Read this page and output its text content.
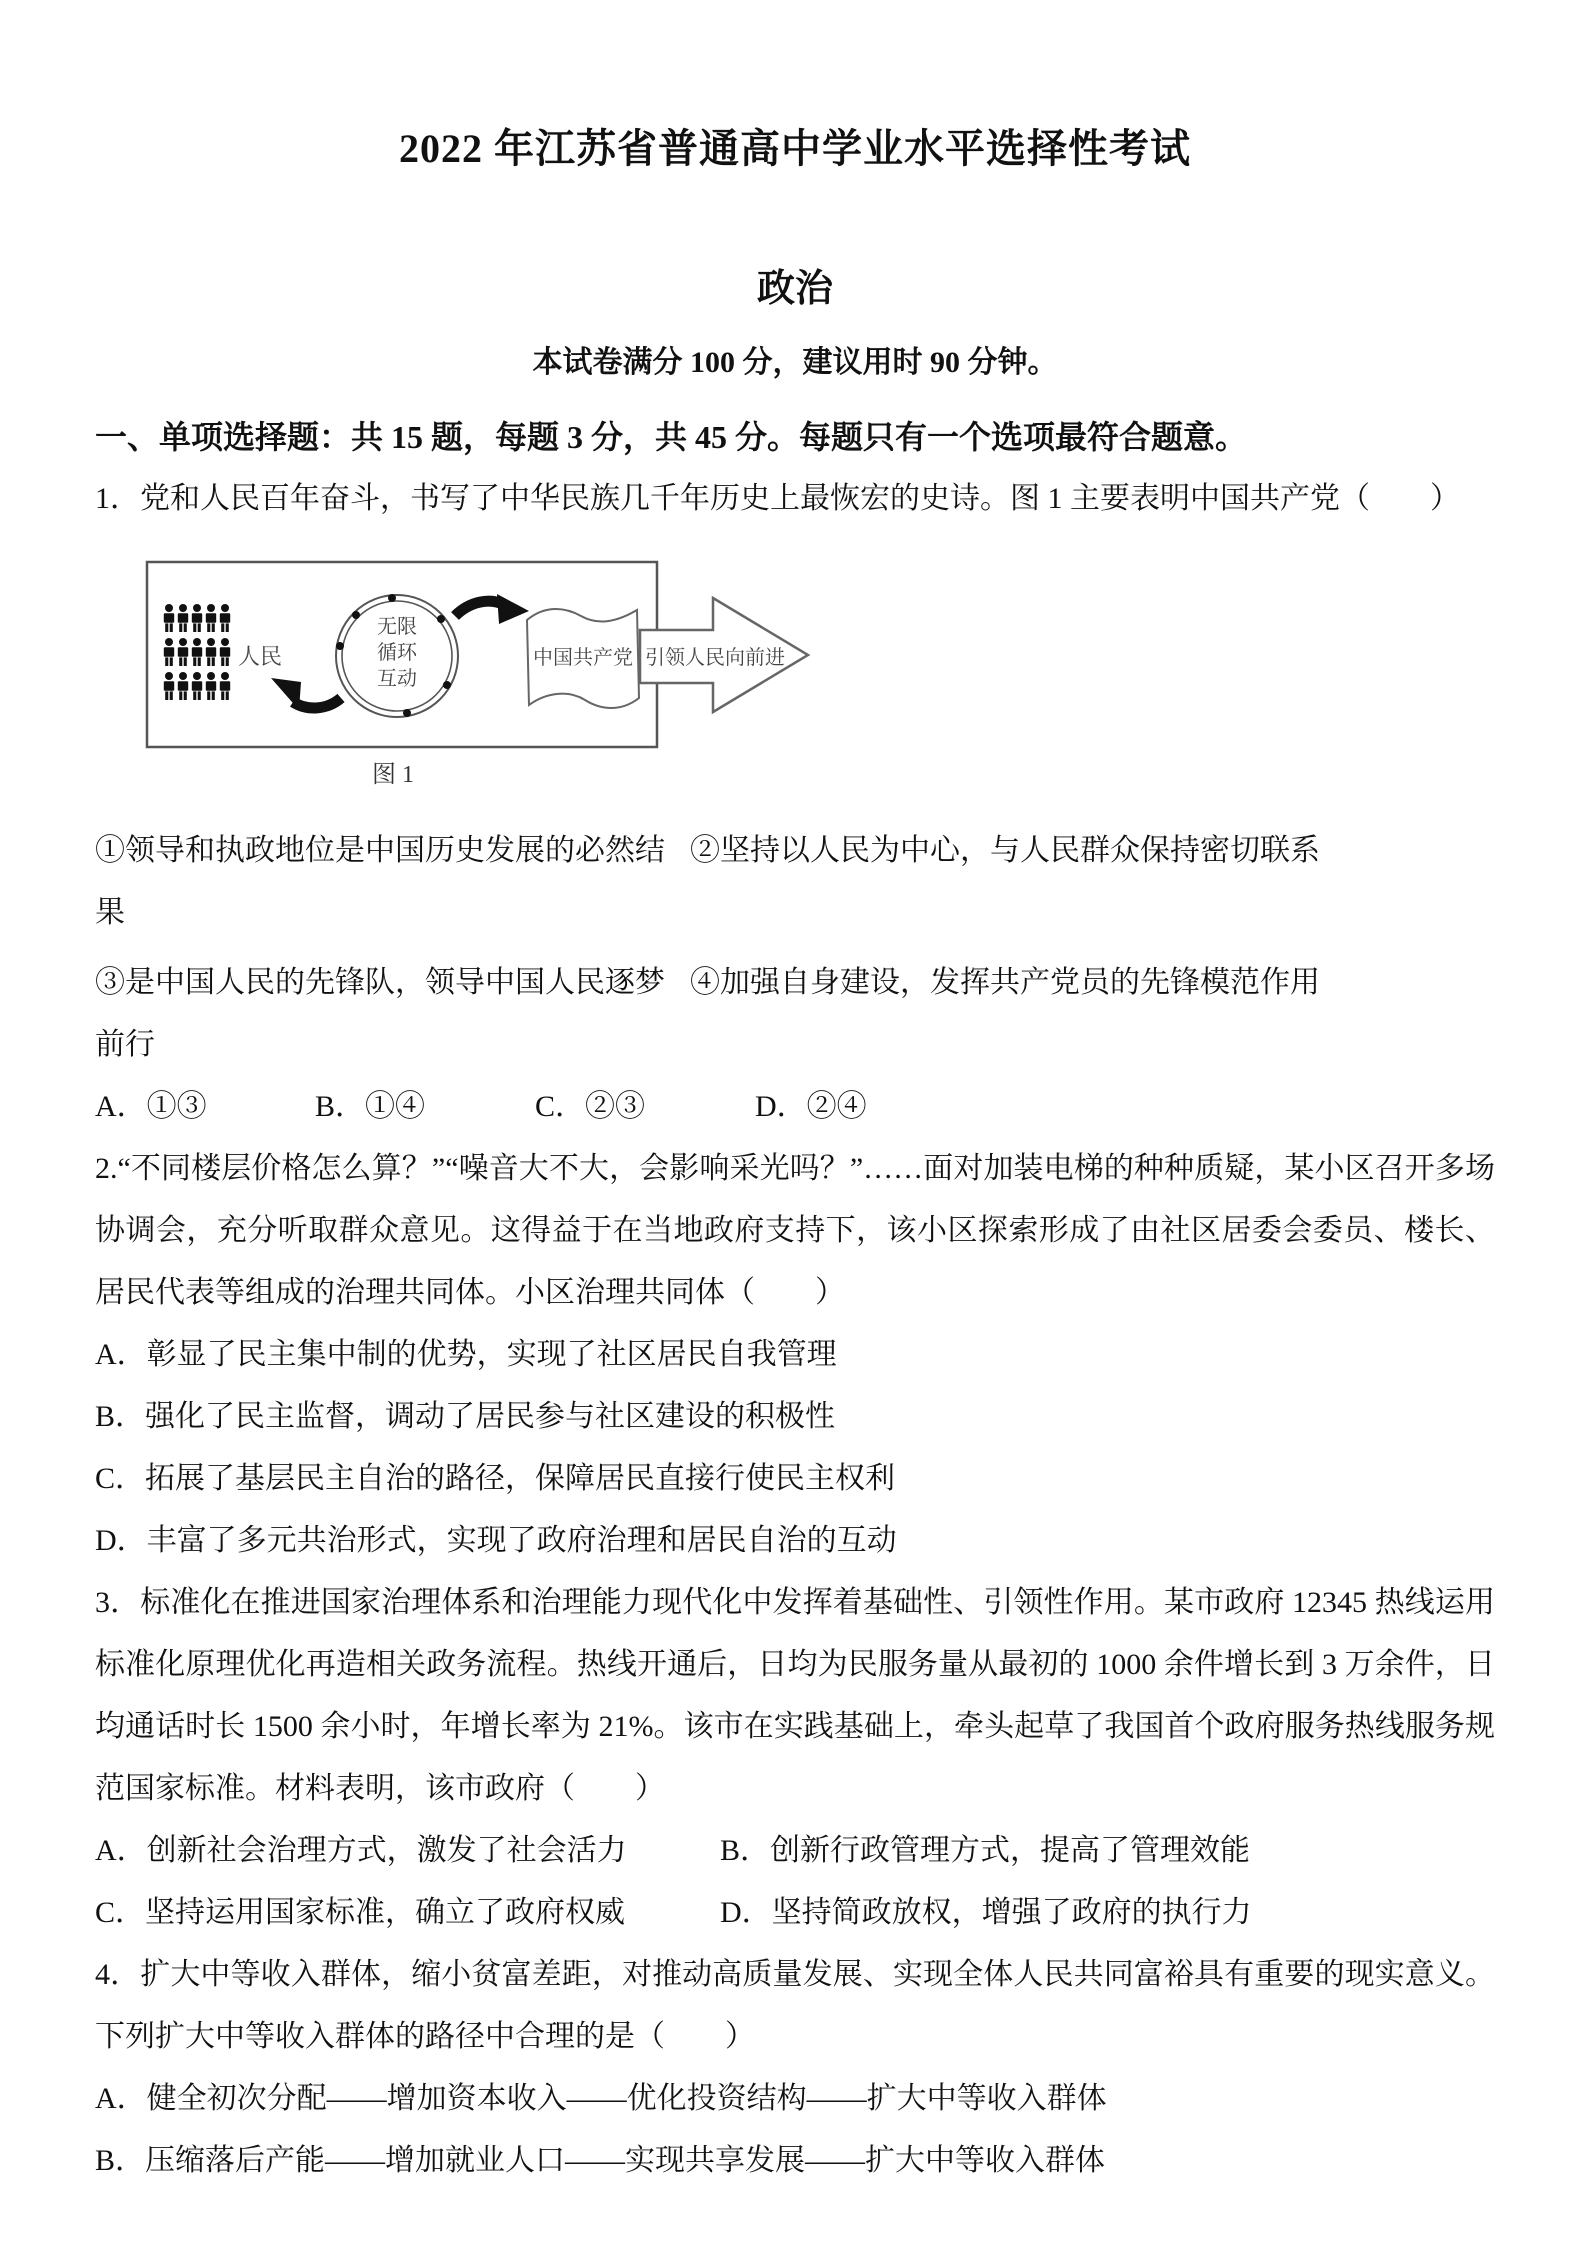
2022 年江苏省普通高中学业水平选择性考试
政治
本试卷满分 100 分，建议用时 90 分钟。
一、单项选择题：共 15 题，每题 3 分，共 45 分。每题只有一个选项最符合题意。
1．党和人民百年奋斗，书写了中华民族几千年历史上最恢宏的史诗。图 1 主要表明中国共产党（　　）
人民
无限
循环
互动
中国共产党 引领人民向前进
图 1
①领导和执政地位是中国历史发展的必然结果
②坚持以人民为中心，与人民群众保持密切联系
③是中国人民的先锋队，领导中国人民逐梦前行
④加强自身建设，发挥共产党员的先锋模范作用
A．①③	B．①④	C．②③	D．②④
2.“不同楼层价格怎么算？”“噪音大不大，会影响采光吗？”……面对加装电梯的种种质疑，某小区召开多场协调会，充分听取群众意见。这得益于在当地政府支持下，该小区探索形成了由社区居委会委员、楼长、居民代表等组成的治理共同体。小区治理共同体（　　）
A．彰显了民主集中制的优势，实现了社区居民自我管理
B．强化了民主监督，调动了居民参与社区建设的积极性
C．拓展了基层民主自治的路径，保障居民直接行使民主权利
D．丰富了多元共治形式，实现了政府治理和居民自治的互动
3．标准化在推进国家治理体系和治理能力现代化中发挥着基础性、引领性作用。某市政府 12345 热线运用标准化原理优化再造相关政务流程。热线开通后，日均为民服务量从最初的 1000 余件增长到 3 万余件，日均通话时长 1500 余小时，年增长率为 21%。该市在实践基础上，牵头起草了我国首个政府服务热线服务规范国家标准。材料表明，该市政府（　　）
A．创新社会治理方式，激发了社会活力	B．创新行政管理方式，提高了管理效能
C．坚持运用国家标准，确立了政府权威	D．坚持简政放权，增强了政府的执行力
4．扩大中等收入群体，缩小贫富差距，对推动高质量发展、实现全体人民共同富裕具有重要的现实意义。下列扩大中等收入群体的路径中合理的是（　　）
A．健全初次分配——增加资本收入——优化投资结构——扩大中等收入群体
B．压缩落后产能——增加就业人口——实现共享发展——扩大中等收入群体
